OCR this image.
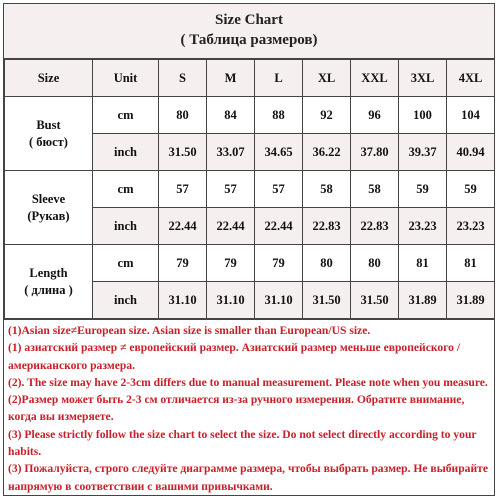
Size Chart
( Таблица размеров)
Size	Unit	S	M	L	XL	XXL	3XL	4XL

Bust
( бюст)	cm	80	84	88	92	96	100	104
	inch	31.50	33.07	34.65	36.22	37.80	39.37	40.94

Sleeve
(Рукав)	cm	57	57	57	58	58	59	59
	inch	22.44	22.44	22.44	22.83	22.83	23.23	23.23

Length
( длина )	cm	79	79	79	80	80	81	81
	inch	31.10	31.10	31.10	31.50	31.50	31.89	31.89

(1)Asian size≠European size. Asian size is smaller than European/US size.

(1) азиатский размер ≠ европейский размер. Азиатский размер меньше европейского / американского размера.

(2). The size may have 2-3cm differs due to manual measurement. Please note when you measure.

(2)Размер может быть 2-3 см отличается из-за ручного измерения. Обратите внимание, когда вы измеряете.

(3) Please strictly follow the size chart to select the size. Do not select directly according to your habits.

(3) Пожалуйста, строго следуйте диаграмме размера, чтобы выбрать размер. Не выбирайте напрямую в соответствии с вашими привычками.
